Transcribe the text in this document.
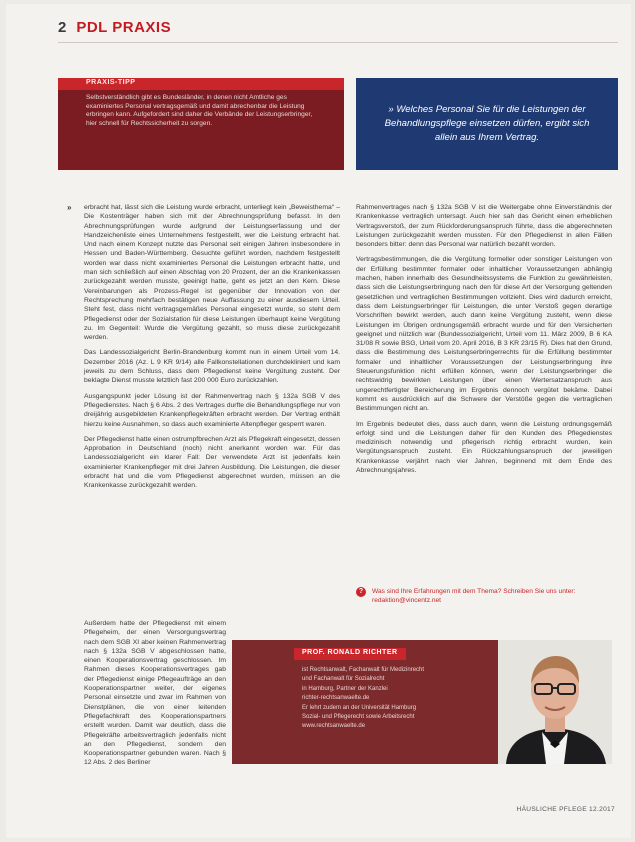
2 PDL PRAXIS
PRAXIS-TIPP
Selbstverständlich gibt es Bundesländer, in denen nicht Amtliche ges examiniertes Personal vertragsgemäß und damit abrechenbar die Leistung erbringen kann. Aufgefordert sind daher die Verbände der Leistungserbringer, hier schnell für Rechtssicherheit zu sorgen.
» Welches Personal Sie für die Leistungen der Behandlungspflege einsetzen dürfen, ergibt sich allein aus Ihrem Vertrag.
» erbracht hat, lässt sich die Leistung wurde erbracht, unterliegt kein „Beweisthema“ – Die Kostenträger haben sich mit der Abrechnungsprüfung befasst. In den Abrechnungsprüfungen wurde aufgrund der Leistungserfassung und der Handzeichenliste eines Unternehmens festgestellt, wer die Leistung erbracht hat. Und nach einem Konzept nutzte das Personal seit einigen Jahren insbesondere in Hessen und Baden-Württemberg. Gesuchte geführt worden, nachdem festgestellt worden war dass nicht examiniertes Personal die Leistungen erbracht hatte, und man sich schließlich auf einen Abschlag von 20 Prozent, der an die Krankenkassen zurückgezahlt werden musste, geeinigt hatte, geht es jetzt an den Kern. Diese Vereinbarungen als Prozess-Regel ist gegenüber der Innovation von der Rechtsprechung mehrfach bestätigen neue Auffassung zu einer ausdiesem Urteil. Steht fest, dass nicht vertragsgemäßes Personal eingesetzt wurde, so steht dem Pflegedienst oder der Sozialstation für diese Leistungen überhaupt keine Vergütung zu. Im Gegenteil: Wurde die Vergütung gezahlt, so muss diese zurückgezahlt werden.

Das Landessozialgericht Berlin-Brandenburg kommt nun in einem Urteil vom 14. Dezember 2016 (Az. L 9 KR 9/14) alle Fallkonstellationen durchdekliniert und kam jeweils zu dem Schluss, dass dem Pflegedienst keine Vergütung zusteht. Der beklagte Dienst musste letztlich fast 200 000 Euro zurückzahlen.

Ausgangspunkt jeder Lösung ist der Rahmenvertrag nach § 132a SGB V des Pflegedienstes. Nach § 6 Abs. 2 des Vertrages durfte die Behandlungspflege nur von dreijährig ausgebildeten Krankenpflegekräften erbracht werden. Der Vertrag enthält hierzu keine Ausnahmen, so dass auch examinierte Altenpfleger gesperrt waren.

Der Pflegedienst hatte einen ostrumpfbrechen Arzt als Pflegekraft eingesetzt, dessen Approbation in Deutschland (noch) nicht anerkannt worden war. Für das Landessozialgericht ein klarer Fall: Der verwendete Arzt ist jedenfalls kein examinierter Krankenpfleger mit drei Jahren Ausbildung. Die Leistungen, die dieser erbracht hat und die vom Pflegedienst abgerechnet wurden, müssen an die Krankenkasse zurückgezahlt werden.

Außerdem hatte der Pflegedienst mit einem Pflegeheim, der einen Versorgungsvertrag nach dem SGB XI aber keinen Rahmenvertrag nach § 132a SGB V abgeschlossen hatte, einen Kooperationsvertrag geschlossen. Im Rahmen dieses Kooperationsvertrages gab der Pflegedienst einige Pflegeaufträge an den Kooperationspartner weiter, der eigenes Personal einsetzte und zwar im Rahmen von Dienstplänen, die von einer leitenden Pflegefachkraft des Kooperationspartners erstellt wurden. Damit war deutlich, dass die Pflegekräfte arbeitsvertraglich jedenfalls nicht an den Pflegedienst, sondern den Kooperationspartner gebunden waren. Nach § 12 Abs. 2 des Berliner

Rahmenvertrages nach § 132a SGB V ist die Weitergabe ohne Einverständnis der Krankenkasse vertraglich untersagt. Auch hier sah das Gericht einen erheblichen Vertragsverstoß, der zum Rückforderungsanspruch führte, dass die abgerechneten Leistungen zurückgezahlt werden mussten. Für den Pflegedienst in allen Fällen besonders bitter: denn das Personal war natürlich bezahlt worden.

Vertragsbestimmungen, die die Vergütung formeller oder sonstiger Leistungen von der Erfüllung bestimmter formaler oder inhaltlicher Voraussetzungen abhängig machen, haben innerhalb des Gesundheitssystems die Funktion zu gewährleisten, dass sich die Leistungserbringung nach den für diese Art der Versorgung geltenden gesetzlichen und vertraglichen Bestimmungen vollzieht. Dies wird dadurch erreicht, dass dem Leistungserbringer für Leistungen, die unter Verstoß gegen derartige Vorschriften bewirkt werden, auch dann keine Vergütung zusteht, wenn diese Leistungen im Übrigen ordnungsgemäß erbracht wurde und für den Versicherten geeignet und nützlich war (Bundessozialgericht, Urteil vom 11. März 2009, B 6 KA 31/08 R sowie BSG, Urteil vom 20. April 2016, B 3 KR 23/15 R). Dies hat den Grund, dass die Bestimmung des Leistungserbringerrechts für die Erfüllung bestimmter formaler und inhaltlicher Voraussetzungen der Leistungserbringung ihre Steuerungsfunktion nicht erfüllen können, wenn der Leistungserbringer die rechtswidrig bewirkten Leistungen über einen Wertersatzanspruch aus ungerechtfertigter Bereicherung im Ergebnis dennoch vergütet bekäme. Dabei kommt es ausdrücklich auf die Schwere der Verstöße gegen die vertraglichen Bestimmungen nicht an.

Im Ergebnis bedeutet dies, dass auch dann, wenn die Leistung ordnungsgemäß erfolgt sind und die Leistungen daher für den Kunden des Pflegedienstes medizinisch notwendig und pflegerisch richtig erbracht wurden, kein Vergütungsanspruch zusteht. Ein Rückzahlungsanspruch der jeweiligen Krankenkasse verjährt nach vier Jahren, beginnend mit dem Ende des Abrechnungsjahres.

?	Was sind Ihre Erfahrungen mit dem Thema? Schreiben Sie uns unter: redaktion@vincentz.net
PROF. RONALD RICHTER
ist Rechtsanwalt, Fachanwalt für Medizinrecht
und Fachanwalt für Sozialrecht
in Hamburg, Partner der Kanzlei
richter-rechtsanwaelte.de
Er lehrt zudem an der Universität Hamburg
Sozial- und Pflegerecht sowie Arbeitsrecht
www.rechtsanwaelte.de
HÄUSLICHE PFLEGE 12.2017
